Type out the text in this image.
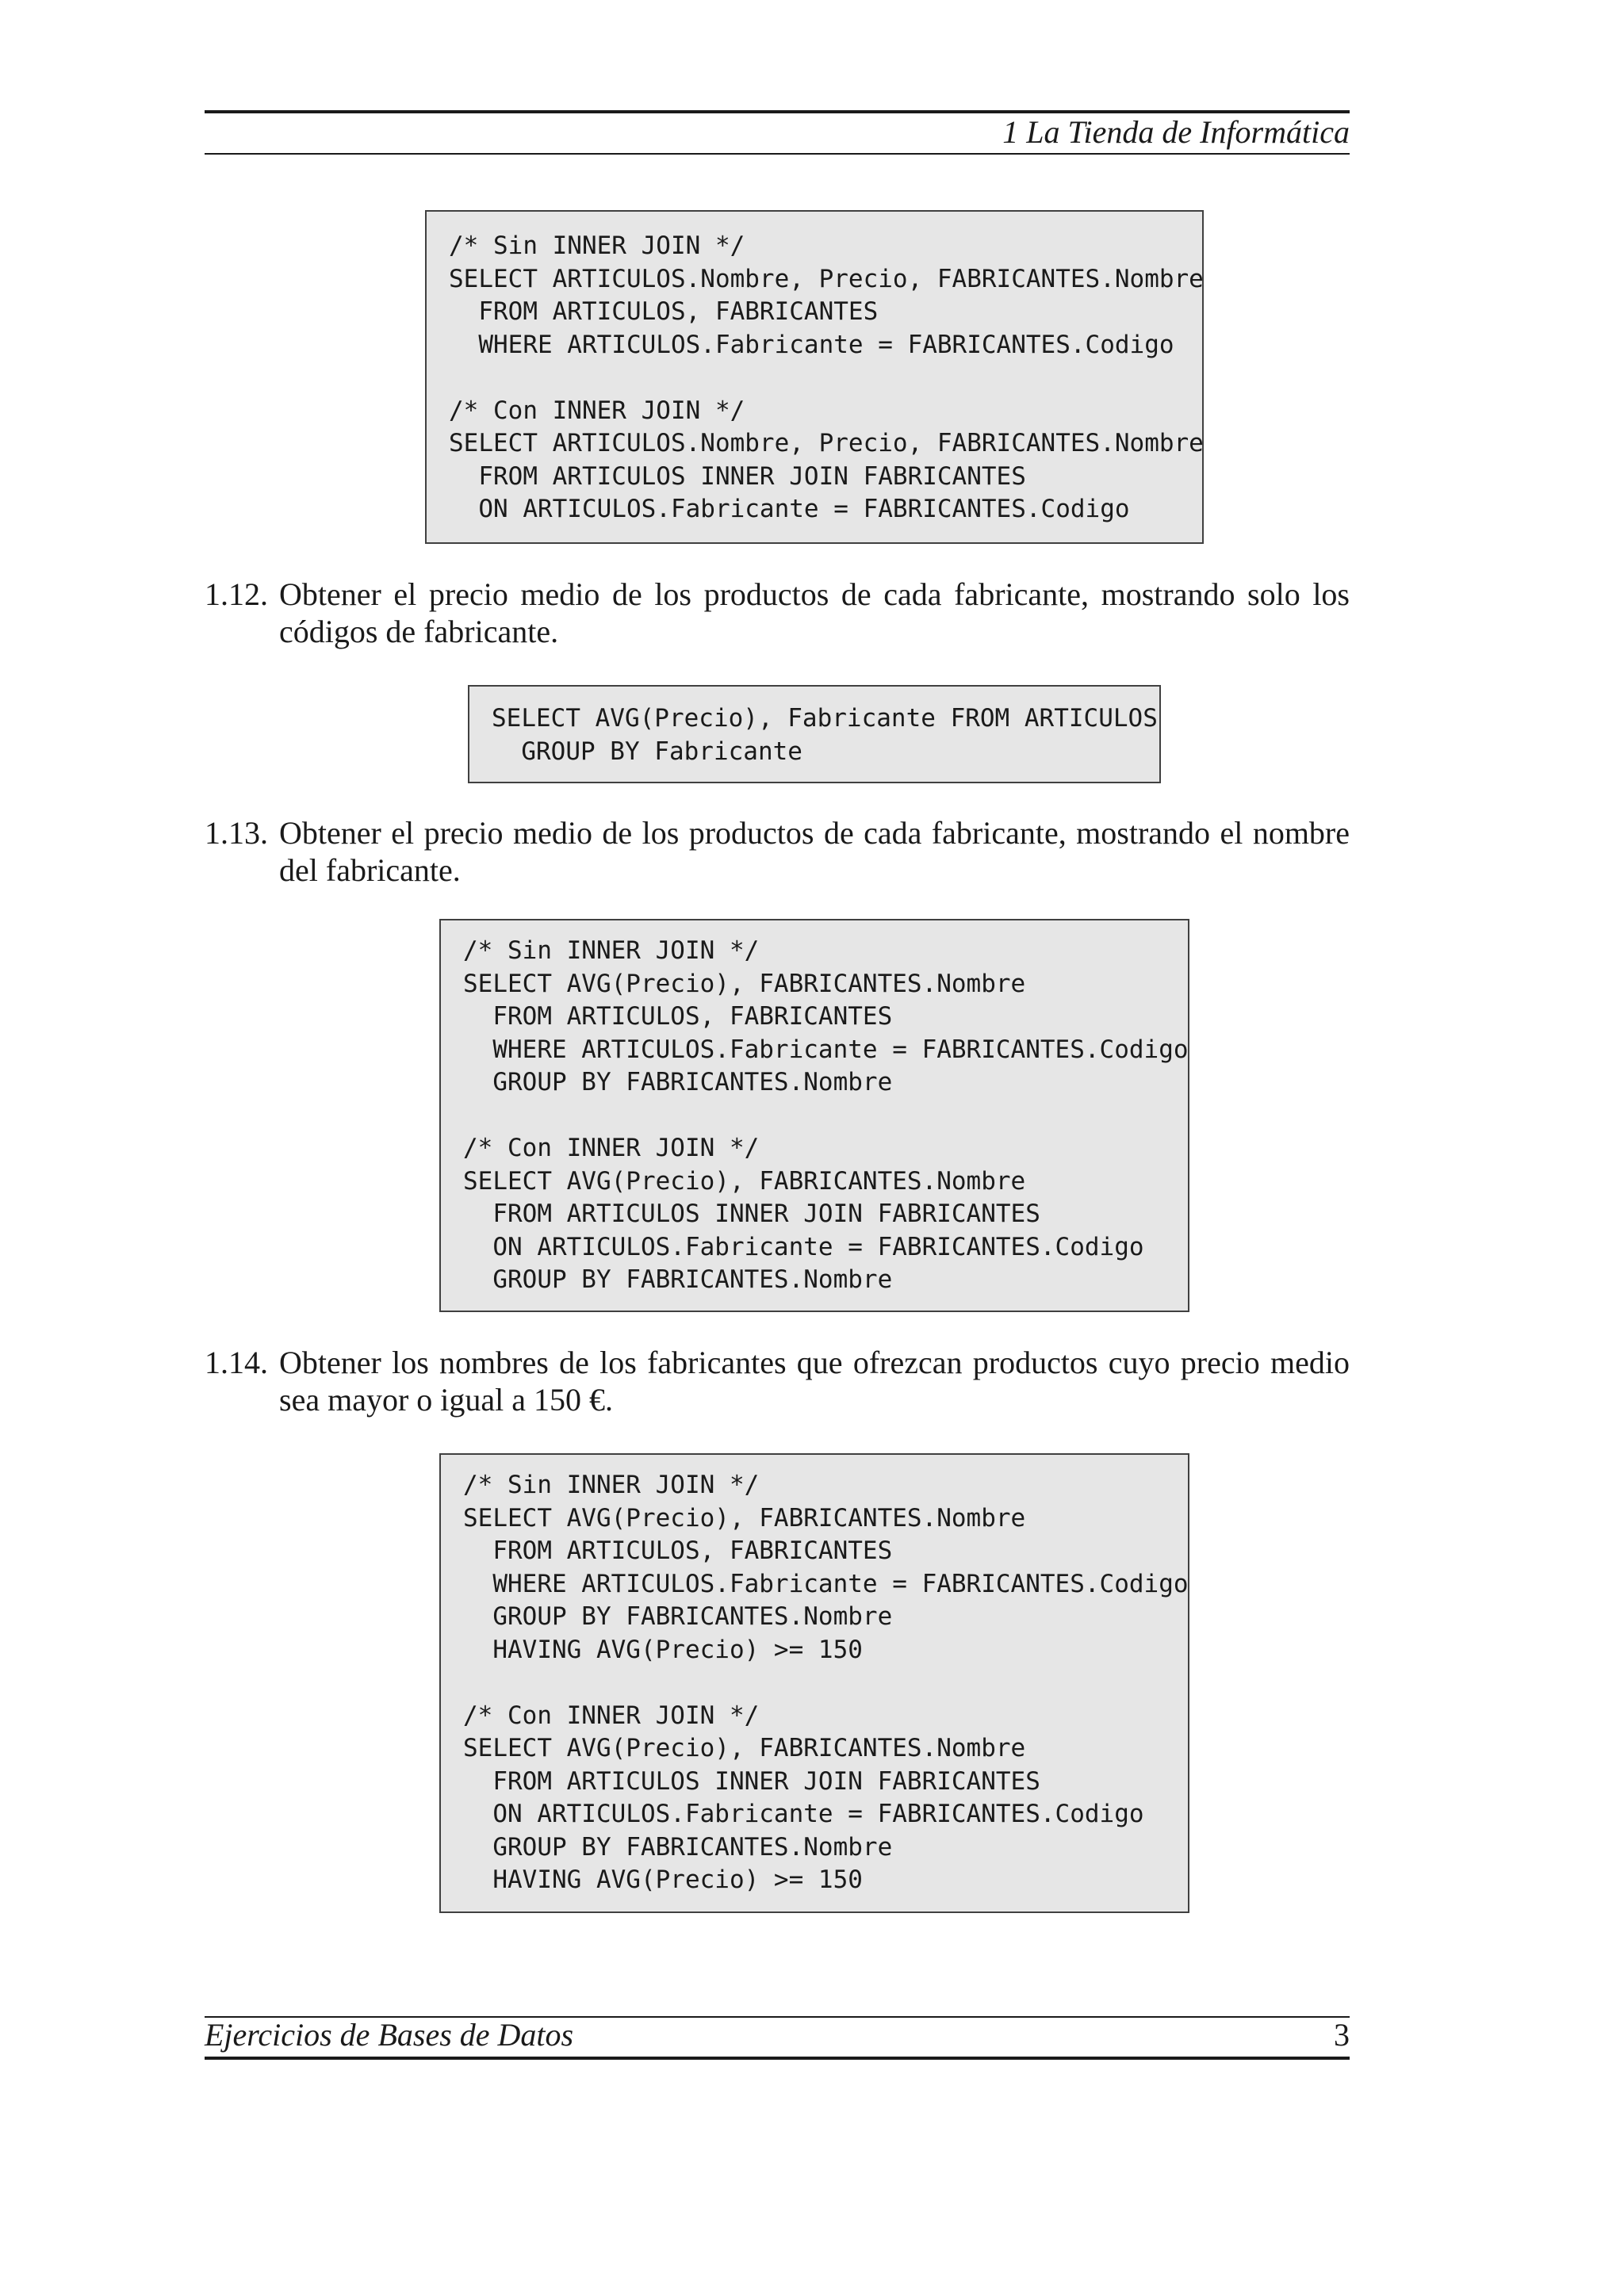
1 La Tienda de Informática
/* Sin INNER JOIN */
SELECT ARTICULOS.Nombre, Precio, FABRICANTES.Nombre
FROM ARTICULOS, FABRICANTES
WHERE ARTICULOS.Fabricante = FABRICANTES.Codigo

/* Con INNER JOIN */
SELECT ARTICULOS.Nombre, Precio, FABRICANTES.Nombre
FROM ARTICULOS INNER JOIN FABRICANTES
ON ARTICULOS.Fabricante = FABRICANTES.Codigo
1.12. Obtener el precio medio de los productos de cada fabricante, mostrando solo los códigos de fabricante.
SELECT AVG(Precio), Fabricante FROM ARTICULOS
GROUP BY Fabricante
1.13. Obtener el precio medio de los productos de cada fabricante, mostrando el nombre del fabricante.
/* Sin INNER JOIN */
SELECT AVG(Precio), FABRICANTES.Nombre
FROM ARTICULOS, FABRICANTES
WHERE ARTICULOS.Fabricante = FABRICANTES.Codigo
GROUP BY FABRICANTES.Nombre

/* Con INNER JOIN */
SELECT AVG(Precio), FABRICANTES.Nombre
FROM ARTICULOS INNER JOIN FABRICANTES
ON ARTICULOS.Fabricante = FABRICANTES.Codigo
GROUP BY FABRICANTES.Nombre
1.14. Obtener los nombres de los fabricantes que ofrezcan productos cuyo precio medio sea mayor o igual a 150 €.
/* Sin INNER JOIN */
SELECT AVG(Precio), FABRICANTES.Nombre
FROM ARTICULOS, FABRICANTES
WHERE ARTICULOS.Fabricante = FABRICANTES.Codigo
GROUP BY FABRICANTES.Nombre
HAVING AVG(Precio) >= 150

/* Con INNER JOIN */
SELECT AVG(Precio), FABRICANTES.Nombre
FROM ARTICULOS INNER JOIN FABRICANTES
ON ARTICULOS.Fabricante = FABRICANTES.Codigo
GROUP BY FABRICANTES.Nombre
HAVING AVG(Precio) >= 150
Ejercicios de Bases de Datos	3
